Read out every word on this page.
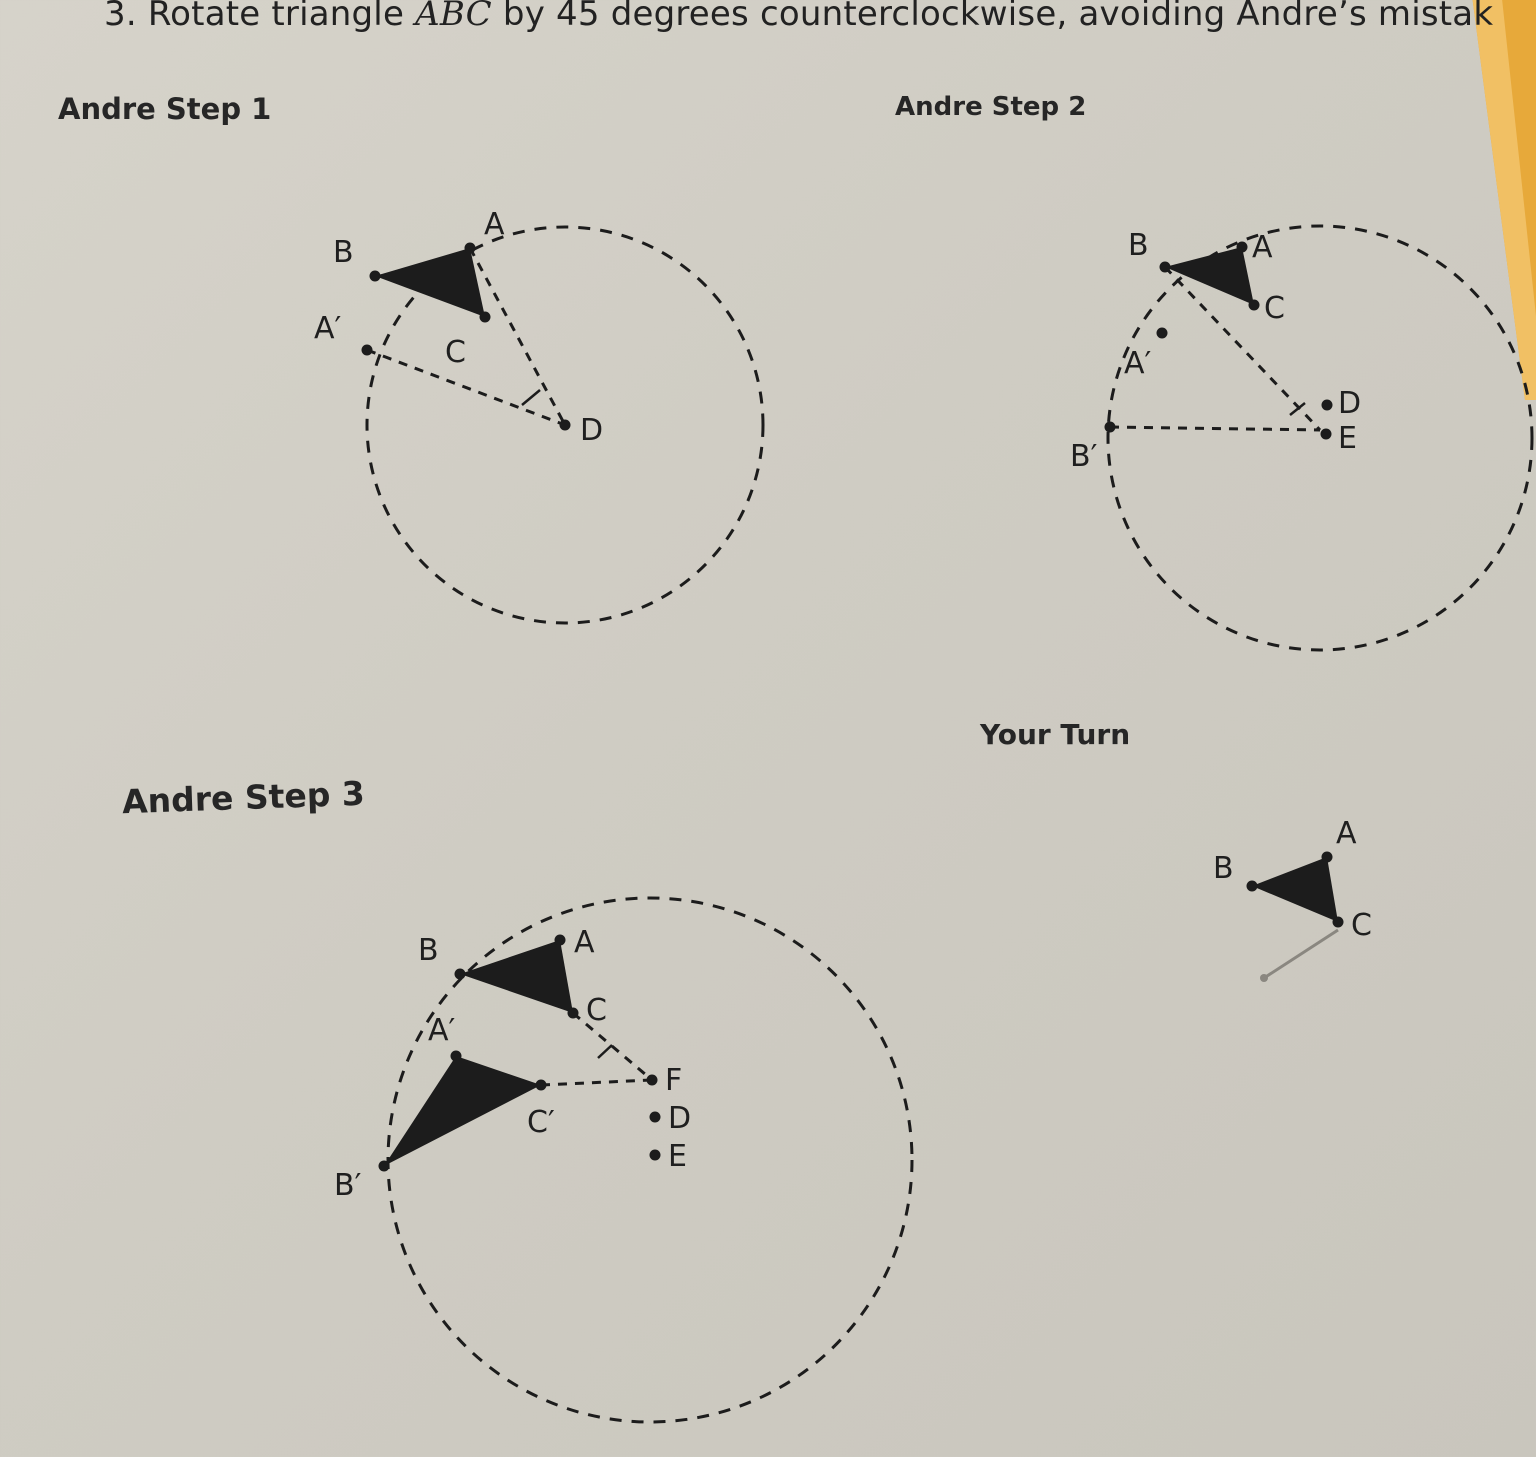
3. Rotate triangle ABC by 45 degrees counterclockwise, avoiding Andre’s mistak
Andre Step 1	Andre Step 2
Andre Step 3
Your Turn
B
A
C
A′
D
B	A
C
A′
B′
D
E
B	A
C
A′
C′
B′
F
D
E
B
A
C
